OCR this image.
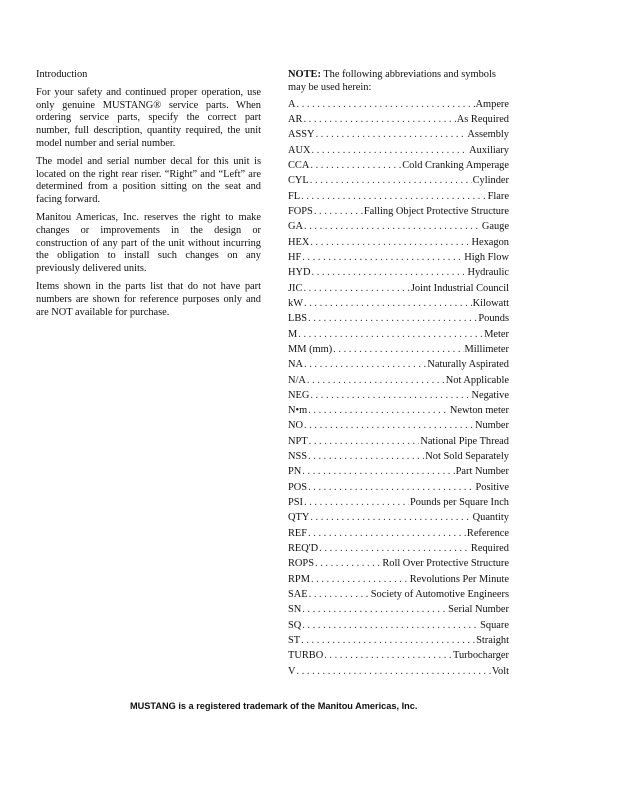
Introduction

For your safety and continued proper operation, use only genuine MUSTANG® service parts. When ordering service parts, specify the correct part number, full description, quantity required, the unit model number and serial number.

The model and serial number decal for this unit is located on the right rear riser. “Right” and “Left” are determined from a position sitting on the seat and facing forward.

Manitou Americas, Inc. reserves the right to make changes or improvements in the design or construction of any part of the unit without incurring the obligation to install such changes on any previously delivered units.

Items shown in the parts list that do not have part numbers are shown for reference purposes only and are NOT available for purchase.

NOTE: The following abbreviations and symbols may be used herein:
A . . .	Ampere
AR . . .	As Required
ASSY . . .	Assembly
AUX . . .	Auxiliary
CCA . . .	Cold Cranking Amperage
CYL . . .	Cylinder
FL . . .	Flare
FOPS . . .	Falling Object Protective Structure
GA . . .	Gauge
HEX . . .	Hexagon
HF . . .	High Flow
HYD . . .	Hydraulic
JIC . . .	Joint Industrial Council
kW . . .	Kilowatt
LBS . . .	Pounds
M . . .	Meter
MM (mm) . . .	Millimeter
NA . . .	Naturally Aspirated
N/A . . .	Not Applicable
NEG . . .	Negative
N•m . . .	Newton meter
NO . . .	Number
NPT . . .	National Pipe Thread
NSS . . .	Not Sold Separately
PN . . .	Part Number
POS . . .	Positive
PSI . . .	Pounds per Square Inch
QTY . . .	Quantity
REF . . .	Reference
REQ'D . . .	Required
ROPS . . .	Roll Over Protective Structure
RPM . . .	Revolutions Per Minute
SAE . . .	Society of Automotive Engineers
SN . . .	Serial Number
SQ . . .	Square
ST . . .	Straight
TURBO . . .	Turbocharger
V . . .	Volt
MUSTANG is a registered trademark of the Manitou Americas, Inc.
